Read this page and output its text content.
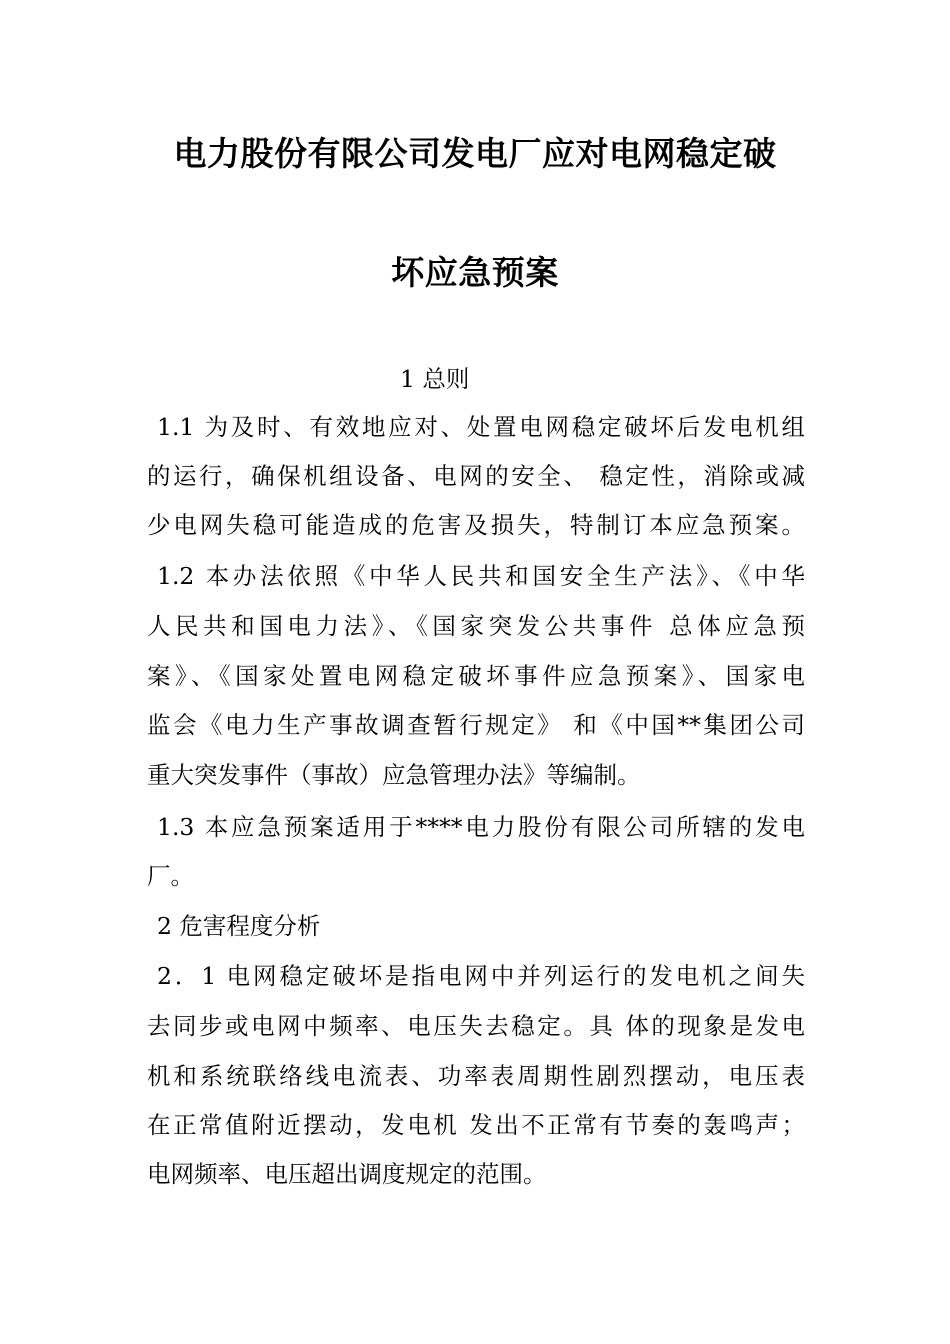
电力股份有限公司发电厂应对电网稳定破
坏应急预案
1 总则
1.1 为及时、有效地应对、处置电网稳定破坏后发电机组
的运行，确保机组设备、电网的安全、 稳定性，消除或减
少电网失稳可能造成的危害及损失，特制订本应急预案。
1.2 本办法依照《中华人民共和国安全生产法》、《中华
人民共和国电力法》、《国家突发公共事件 总体应急预
案》、《国家处置电网稳定破坏事件应急预案》、国家电
监会《电力生产事故调查暂行规定》 和《中国**集团公司
重大突发事件（事故）应急管理办法》等编制。
1.3 本应急预案适用于****电力股份有限公司所辖的发电
厂。
2 危害程度分析
2．1 电网稳定破坏是指电网中并列运行的发电机之间失
去同步或电网中频率、电压失去稳定。具 体的现象是发电
机和系统联络线电流表、功率表周期性剧烈摆动，电压表
在正常值附近摆动，发电机 发出不正常有节奏的轰鸣声；
电网频率、电压超出调度规定的范围。
